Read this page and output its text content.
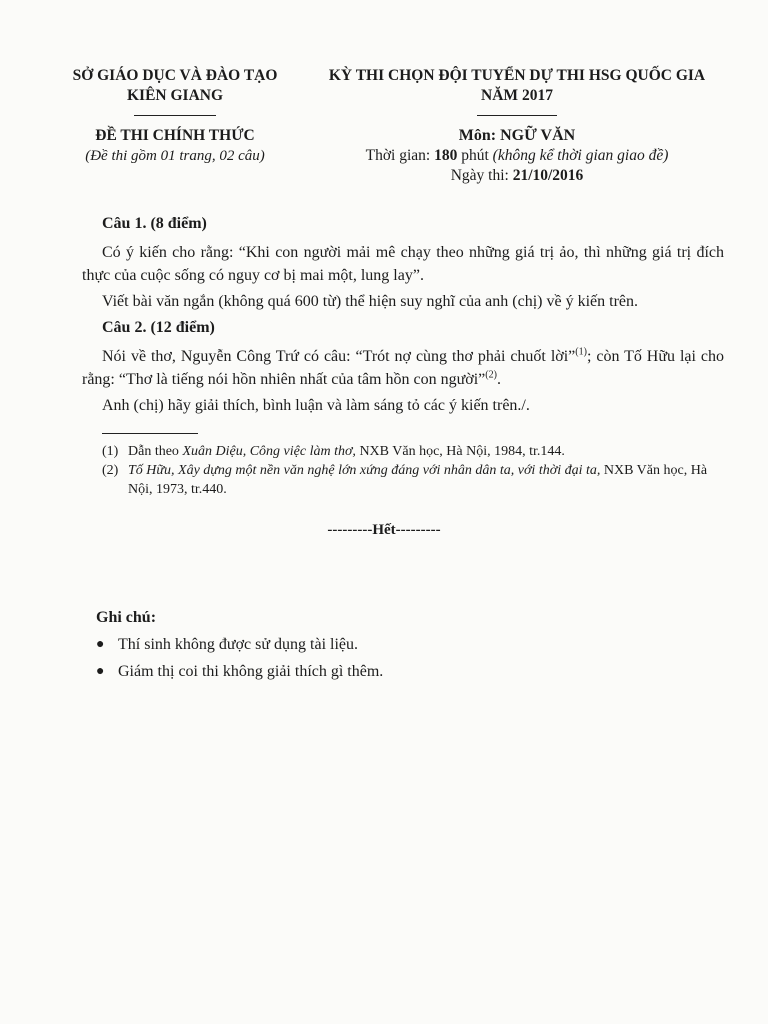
SỞ GIÁO DỤC VÀ ĐÀO TẠO
KIÊN GIANG
ĐỀ THI CHÍNH THỨC
(Đề thi gồm 01 trang, 02 câu)
KỲ THI CHỌN ĐỘI TUYỂN DỰ THI HSG QUỐC GIA
NĂM 2017
Môn: NGỮ VĂN
Thời gian: 180 phút (không kể thời gian giao đề)
Ngày thi: 21/10/2016
Câu 1. (8 điểm)

Có ý kiến cho rằng: “Khi con người mải mê chạy theo những giá trị ảo, thì những giá trị đích thực của cuộc sống có nguy cơ bị mai một, lung lay”.

Viết bài văn ngắn (không quá 600 từ) thể hiện suy nghĩ của anh (chị) về ý kiến trên.

Câu 2. (12 điểm)

Nói về thơ, Nguyễn Công Trứ có câu: “Trót nợ cùng thơ phải chuốt lời”$^{(1)}$; còn Tố Hữu lại cho rằng: “Thơ là tiếng nói hồn nhiên nhất của tâm hồn con người”$^{(2)}$.

Anh (chị) hãy giải thích, bình luận và làm sáng tỏ các ý kiến trên./.

(1) Dẫn theo Xuân Diệu, Công việc làm thơ, NXB Văn học, Hà Nội, 1984, tr.144.
(2) Tố Hữu, Xây dựng một nền văn nghệ lớn xứng đáng với nhân dân ta, với thời đại ta, NXB Văn học, Hà Nội, 1973, tr.440.
---------Hết---------
Ghi chú:
● Thí sinh không được sử dụng tài liệu.
● Giám thị coi thi không giải thích gì thêm.
